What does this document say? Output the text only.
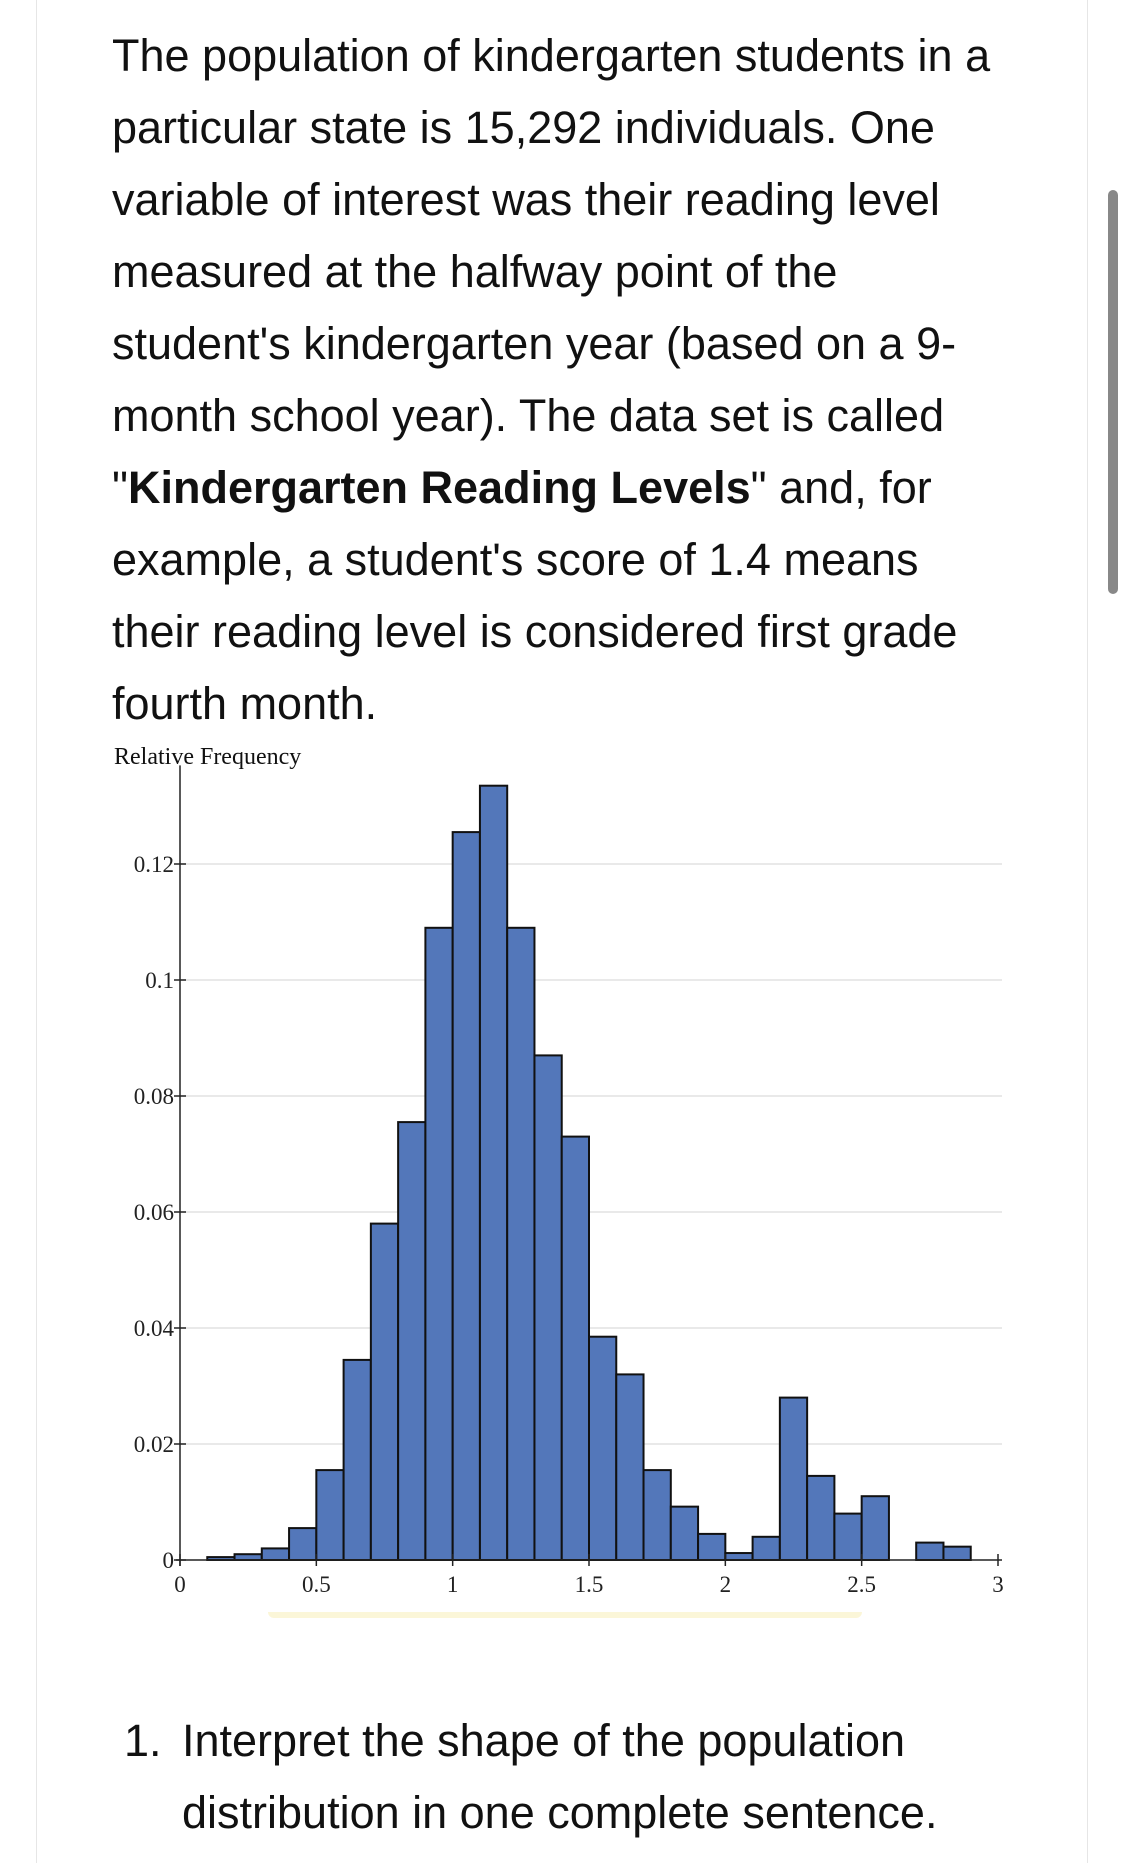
The population of kindergarten students in a particular state is 15,292 individuals. One variable of interest was their reading level measured at the halfway point of the student's kindergarten year (based on a 9-month school year). The data set is called "Kindergarten Reading Levels" and, for example, a student's score of 1.4 means their reading level is considered first grade fourth month.

0
0.02
0.04
0.06
0.08
0.1
0.12
0	0.5	1	1.5	2	2.5	3
Relative Frequency
1. Interpret the shape of the population distribution in one complete sentence.
